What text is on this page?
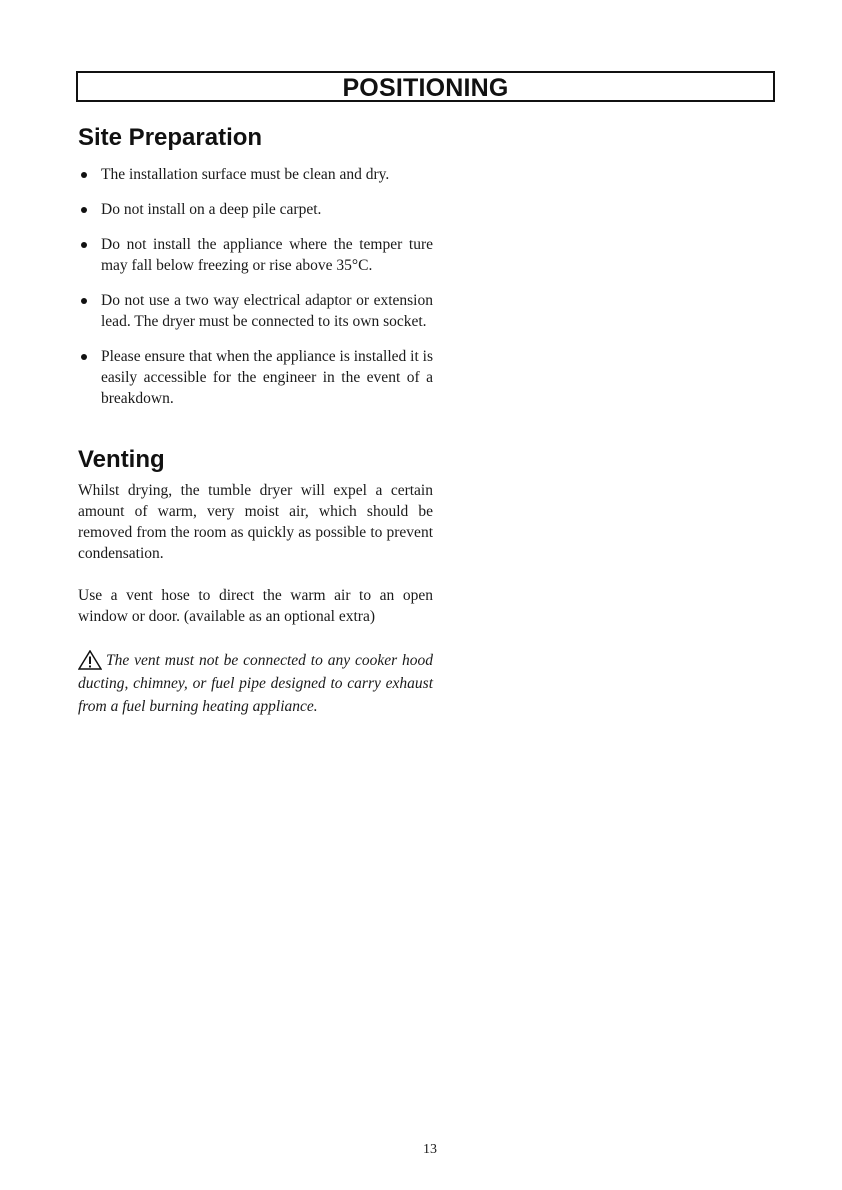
POSITIONING
Site Preparation
The installation surface must be clean and dry.
Do not install on a deep pile carpet.
Do not install the appliance where the temper ture may fall below freezing or rise above 35°C.
Do not use a two way electrical adaptor or extension lead. The dryer must be connected to its own socket.
Please ensure that when the appliance is installed it is easily accessible for the engineer in the event of a breakdown.
Venting

Whilst drying, the tumble dryer will expel a certain amount of warm, very moist air, which should be removed from the room as quickly as possible to prevent condensation.

Use a vent hose to direct the warm air to an open window or door. (available as an optional extra)

The vent must not be connected to any cooker hood ducting, chimney, or fuel pipe designed to carry exhaust from a fuel burning heating appliance.
13
